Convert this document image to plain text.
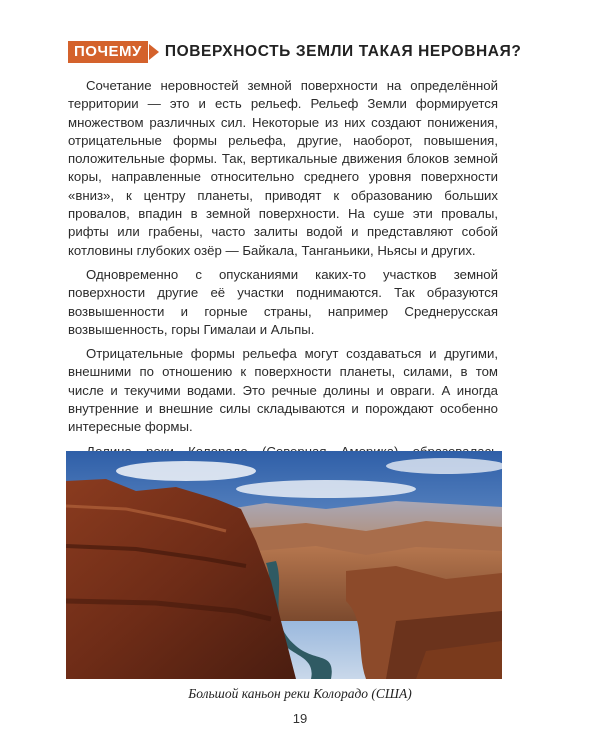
ПОЧЕМУ	ПОВЕРХНОСТЬ ЗЕМЛИ ТАКАЯ НЕРОВНАЯ?

Сочетание неровностей земной поверхности на определённой территории — это и есть рельеф. Рельеф Земли формируется множеством различных сил. Некоторые из них создают понижения, отрицательные формы рельефа, другие, наоборот, повышения, положительные формы. Так, вертикальные движения блоков земной коры, направленные относительно среднего уровня поверхности «вниз», к центру планеты, приводят к образованию больших провалов, впадин в земной поверхности. На суше эти провалы, рифты или грабены, часто залиты водой и представляют собой котловины глубоких озёр — Байкала, Танганьики, Ньясы и других.

Одновременно с опусканиями каких-то участков земной поверхности другие её участки поднимаются. Так образуются возвышенности и горные страны, например Среднерусская возвышенность, горы Гималаи и Альпы.

Отрицательные формы рельефа могут создаваться и другими, внешними по отношению к поверхности планеты, силами, в том числе и текучими водами. Это речные долины и овраги. А иногда внутренние и внешние силы складываются и порождают особенно интересные формы.

Большой каньон реки Колорадо (США)
19
